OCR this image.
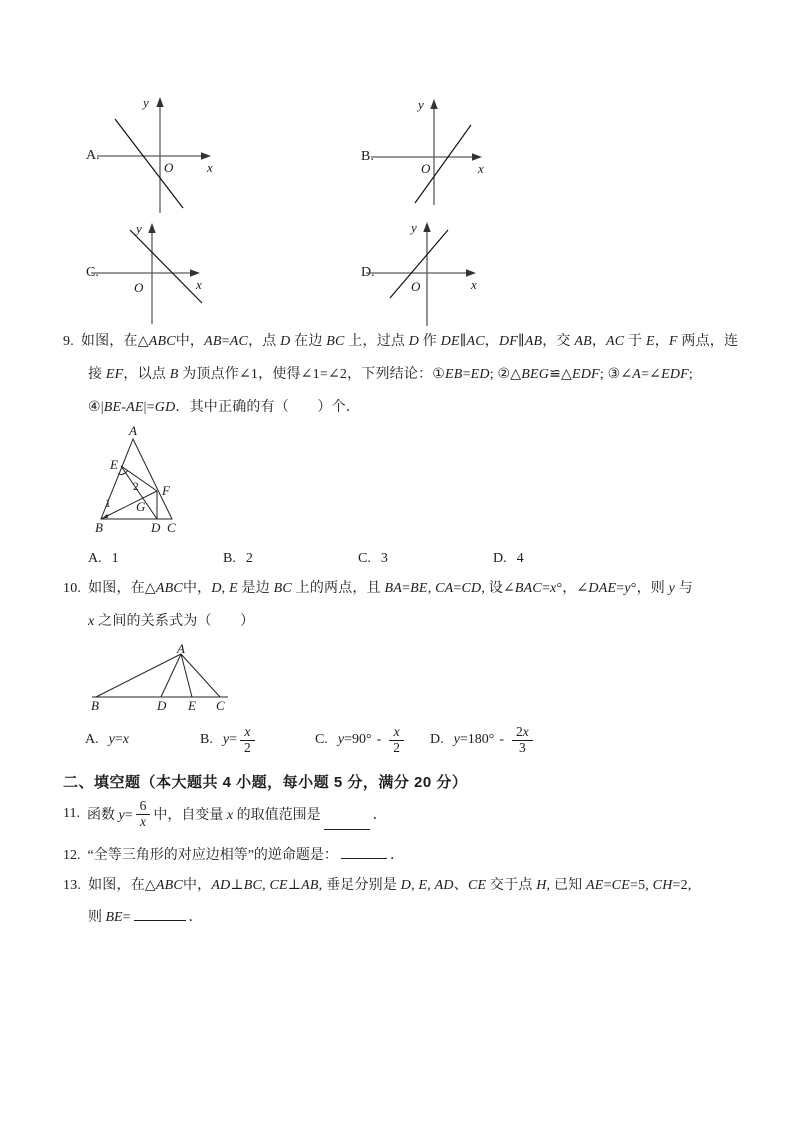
A.
y
x
O
B.
y
x
O
C.
y
x
O
D.
y
x
O
9. 如图，在△ABC中，AB=AC，点 D 在边 BC 上，过点 D 作 DE∥AC，DF∥AB，交 AB，AC 于 E，F 两点，连
接 EF，以点 B 为顶点作∠1，使得∠1=∠2，下列结论：①EB=ED; ②△BEG≌△EDF; ③∠A=∠EDF;
④|BE-AE|=GD．其中正确的有（　　）个．
A
E
F
G
B	D C
1
2
A. 1	B. 2	C. 3	D. 4
10. 如图，在△ABC中，D, E 是边 BC 上的两点，且 BA=BE, CA=CD, 设∠BAC=x°，∠DAE=y°，则 y 与
x 之间的关系式为（　　）
A
B	D E C
A. y=x	B. $y= \frac{x}{2}$	C. $y=90^\circ - \frac{x}{2} D$. $y=180^\circ - \frac{2x}{3}$
二、填空题（本大题共 4 小题，每小题 5 分，满分 20 分）
11. 函数 $y= \frac{6}{x}$ 中，自变量 x 的取值范围是	．
12. “全等三角形的对应边相等”的逆命题是：	．
13. 如图，在△ABC中，AD⊥BC, CE⊥AB, 垂足分别是 D, E, AD、CE 交于点 H, 已知 AE=CE=5, CH=2,
则 BE=	．
